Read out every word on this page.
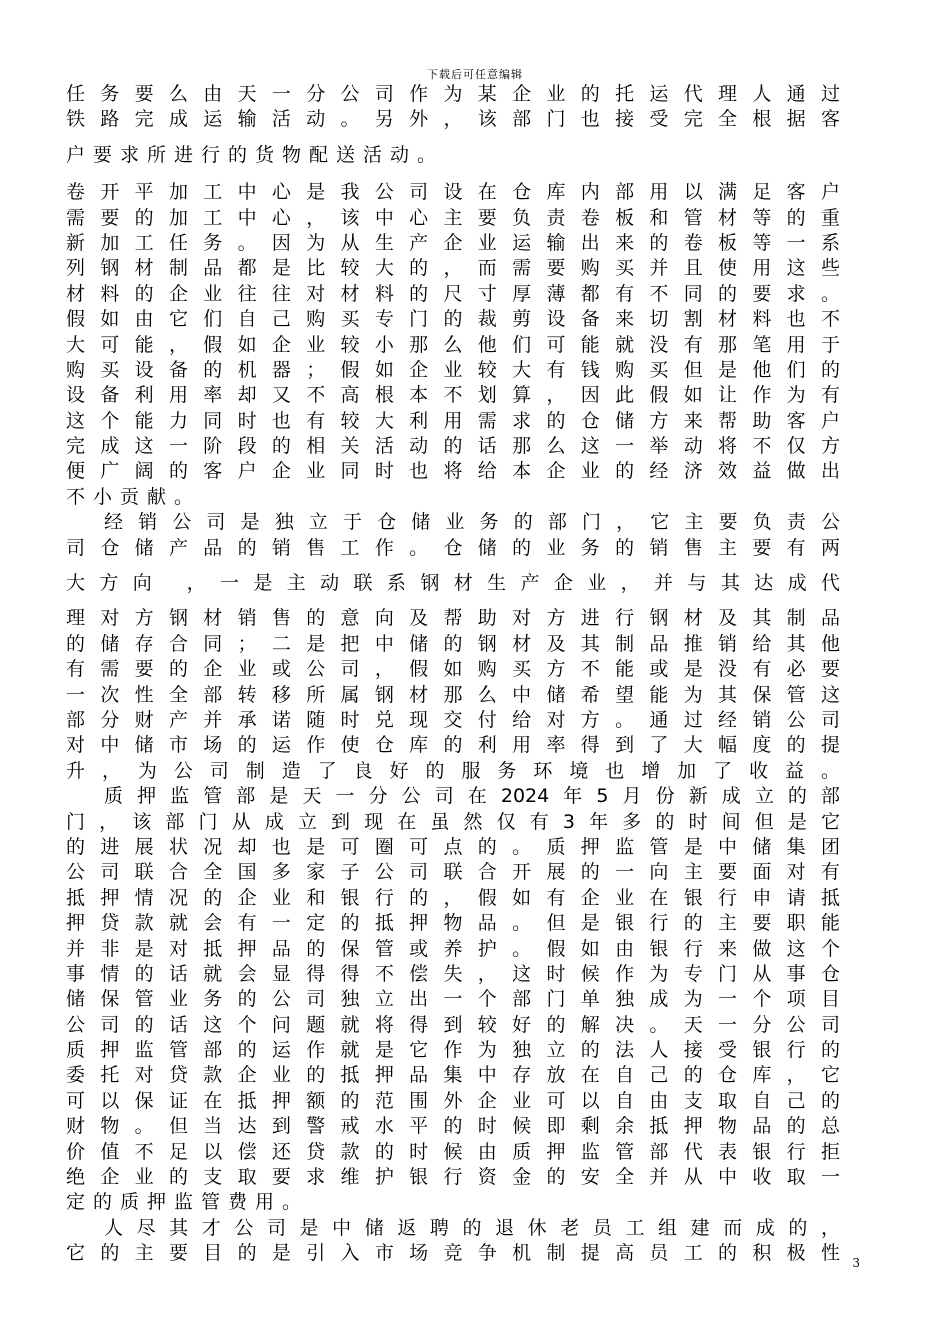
下载后可任意编辑
任务要么由天一分公司作为某企业的托运代理人通过
铁路完成运输活动。另外，该部门也接受完全根据客
户要求所进行的货物配送活动。
卷开平加工中心是我公司设在仓库内部用以满足客户
需要的加工中心，该中心主要负责卷板和管材等的重
新加工任务。因为从生产企业运输出来的卷板等一系
列钢材制品都是比较大的，而需要购买并且使用这些
材料的企业往往对材料的尺寸厚薄都有不同的要求。
假如由它们自己购买专门的裁剪设备来切割材料也不
大可能，假如企业较小那么他们可能就没有那笔用于
购买设备的机器；假如企业较大有钱购买但是他们的
设备利用率却又不高根本不划算，因此假如让作为有
这个能力同时也有较大利用需求的仓储方来帮助客户
完成这一阶段的相关活动的话那么这一举动将不仅方
便广阔的客户企业同时也将给本企业的经济效益做出
不小贡献。
经销公司是独立于仓储业务的部门，它主要负责公
司仓储产品的销售工作。仓储的业务的销售主要有两
大方向 ，一是主动联系钢材生产企业，并与其达成代
理对方钢材销售的意向及帮助对方进行钢材及其制品
的储存合同；二是把中储的钢材及其制品推销给其他
有需要的企业或公司，假如购买方不能或是没有必要
一次性全部转移所属钢材那么中储希望能为其保管这
部分财产并承诺随时兑现交付给对方。通过经销公司
对中储市场的运作使仓库的利用率得到了大幅度的提
升，为公司制造了良好的服务环境也增加了收益。
质押监管部是天一分公司在2024年5月份新成立的部
门，该部门从成立到现在虽然仅有3年多的时间但是它
的进展状况却也是可圈可点的。质押监管是中储集团
公司联合全国多家子公司联合开展的一向主要面对有
抵押情况的企业和银行的，假如有企业在银行申请抵
押贷款就会有一定的抵押物品。但是银行的主要职能
并非是对抵押品的保管或养护。假如由银行来做这个
事情的话就会显得得不偿失，这时候作为专门从事仓
储保管业务的公司独立出一个部门单独成为一个项目
公司的话这个问题就将得到较好的解决。天一分公司
质押监管部的运作就是它作为独立的法人接受银行的
委托对贷款企业的抵押品集中存放在自己的仓库，它
可以保证在抵押额的范围外企业可以自由支取自己的
财物。但当达到警戒水平的时候即剩余抵押物品的总
价值不足以偿还贷款的时候由质押监管部代表银行拒
绝企业的支取要求维护银行资金的安全并从中收取一
定的质押监管费用。
人尽其才公司是中储返聘的退休老员工组建而成的，
它的主要目的是引入市场竞争机制提高员工的积极性 3
